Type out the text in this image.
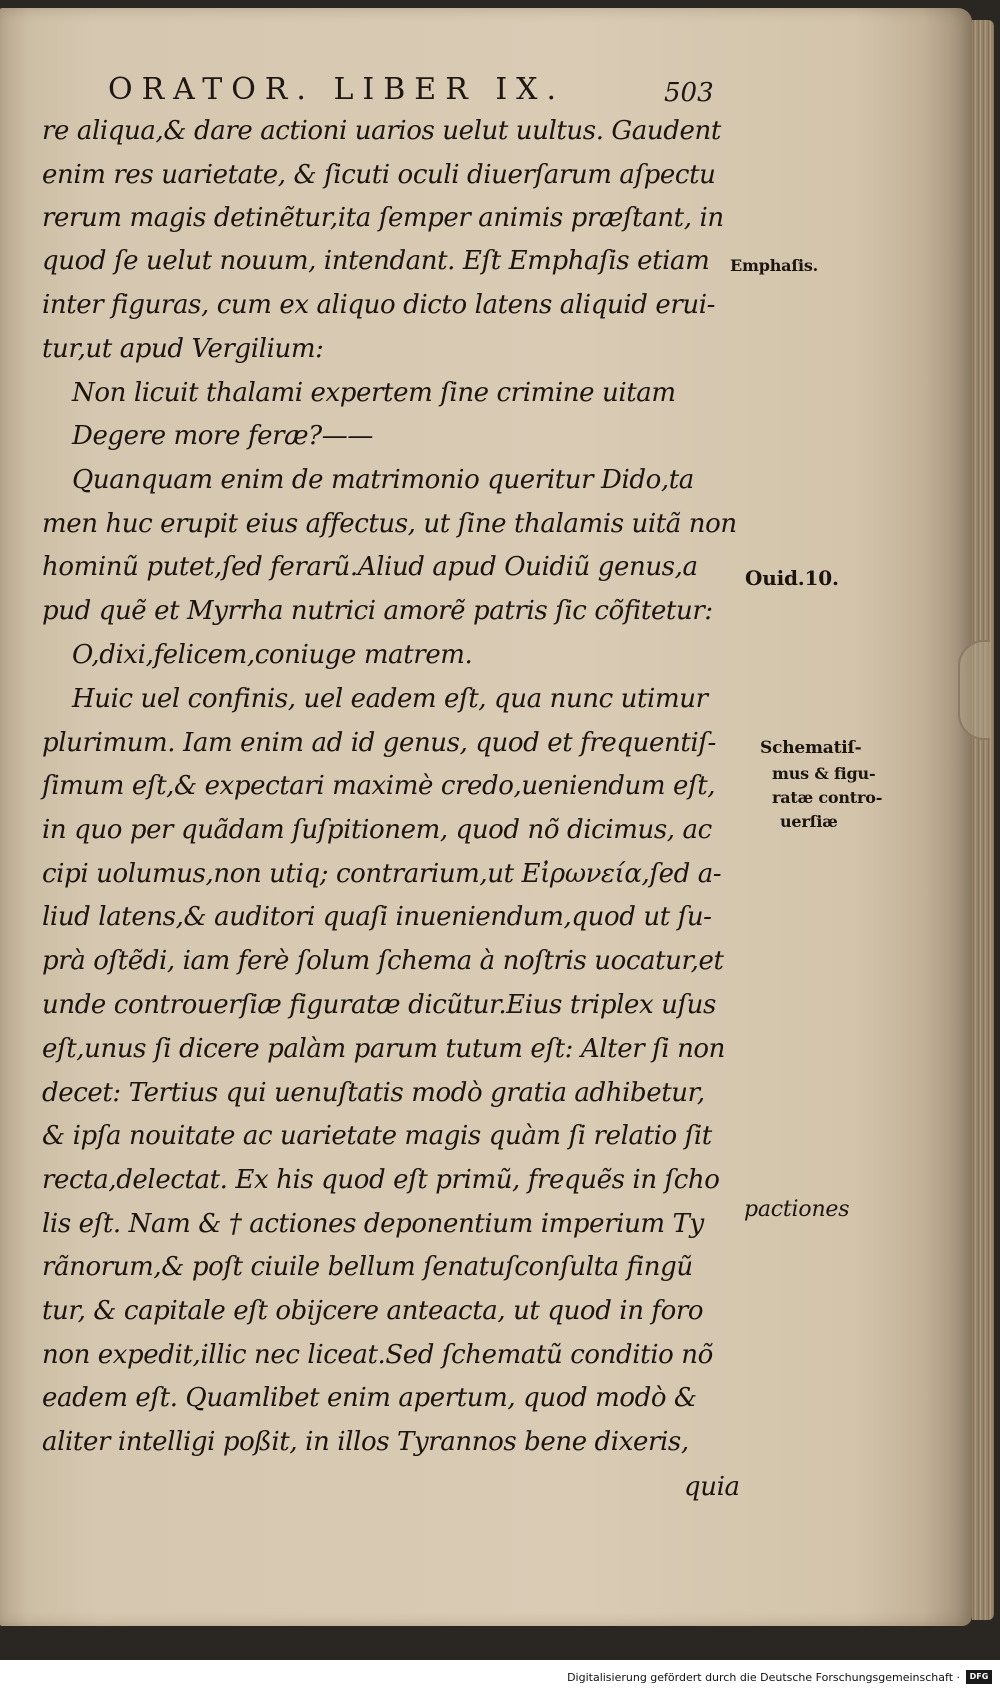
ORATOR. LIBER IX.	503
re aliqua,& dare actioni uarios uelut uultus. Gaudent
enim res uarietate, & ſicuti oculi diuerſarum aſpectu
rerum magis detinẽtur,ita ſemper animis præſtant, in
quod ſe uelut nouum, intendant. Eſt Emphaſis etiam
inter figuras, cum ex aliquo dicto latens aliquid erui-
tur,ut apud Vergilium:
Non licuit thalami expertem ſine crimine uitam
Degere more feræ?——
Quanquam enim de matrimonio queritur Dido,ta
men huc erupit eius affectus, ut ſine thalamis uitã non
hominũ putet,ſed ferarũ.Aliud apud Ouidiũ genus,a
pud quẽ et Myrrha nutrici amorẽ patris ſic cõfitetur:
O,dixi,felicem,coniuge matrem.
Huic uel confinis, uel eadem eſt, qua nunc utimur
plurimum. Iam enim ad id genus, quod et frequentiſ-
ſimum eſt,& expectari maximè credo,ueniendum eſt,
in quo per quãdam ſuſpitionem, quod nõ dicimus, ac
cipi uolumus,non utiq; contrarium,ut Εἰρωνεία,ſed a-
liud latens,& auditori quaſi inueniendum,quod ut ſu-
prà oſtẽdi, iam ferè ſolum ſchema à noſtris uocatur,et
unde controuerſiæ figuratæ dicũtur.Eius triplex uſus
eſt,unus ſi dicere palàm parum tutum eſt: Alter ſi non
decet: Tertius qui uenuſtatis modò gratia adhibetur,
& ipſa nouitate ac uarietate magis quàm ſi relatio ſit
recta,delectat. Ex his quod eſt primũ, frequẽs in ſcho
lis eſt. Nam & † actiones deponentium imperium Ty
rãnorum,& poſt ciuile bellum ſenatuſconſulta fingũ
tur, & capitale eſt obijcere anteacta, ut quod in foro
non expedit,illic nec liceat.Sed ſchematũ conditio nõ
eadem eſt. Quamlibet enim apertum, quod modò &
aliter intelligi poßit, in illos Tyrannos bene dixeris,
quia
Emphaſis.
Ouid.10.
Schematiſ-
mus & figu-
ratæ contro-
uerſiæ
pactiones
Digitalisierung gefördert durch die Deutsche Forschungsgemeinschaft ·	DFG
